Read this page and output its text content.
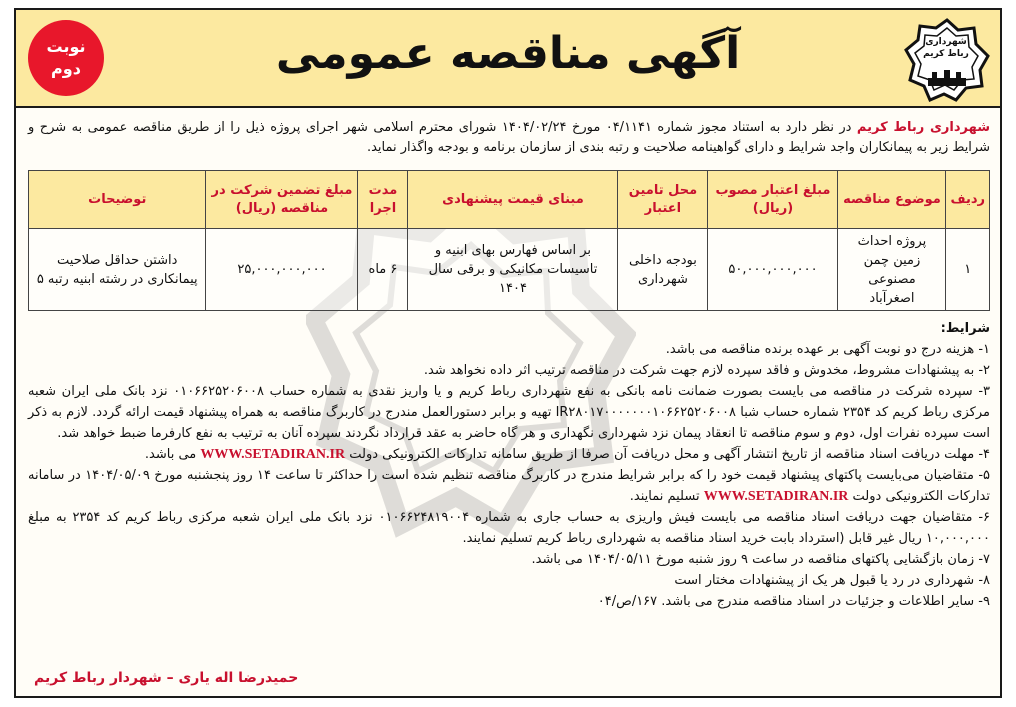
نوبت
دوم	آگهی مناقصه عمومی	شهرداری
رباط کریم
شهرداری رباط کریم در نظر دارد به استناد مجوز شماره ۰۴/۱۱۴۱ مورخ ۱۴۰۴/۰۲/۲۴ شورای محترم اسلامی شهر اجرای پروژه ذیل را از طریق مناقصه عمومی به شرح و شرایط زیر به پیمانکاران واجد شرایط و دارای گواهینامه صلاحیت و رتبه بندی از سازمان برنامه و بودجه واگذار نماید.
ردیف	موضوع مناقصه	مبلغ اعتبار مصوب (ریال)	محل تامین اعتبار	مبنای قیمت پیشنهادی	مدت اجرا	مبلغ تضمین شرکت در مناقصه (ریال)	توضیحات
۱	پروژه احداث زمین چمن مصنوعی اصغرآباد	۵۰,۰۰۰,۰۰۰,۰۰۰	بودجه داخلی شهرداری	بر اساس فهارس بهای ابنیه و تاسیسات مکانیکی و برقی سال ۱۴۰۴	۶ ماه	۲۵,۰۰۰,۰۰۰,۰۰۰	داشتن حداقل صلاحیت پیمانکاری در رشته ابنیه رتبه ۵

شرایط:

۱- هزینه درج دو نوبت آگهی بر عهده برنده مناقصه می باشد.

۲- به پیشنهادات مشروط، مخدوش و فاقد سپرده لازم جهت شرکت در مناقصه ترتیب اثر داده نخواهد شد.

۳- سپرده شرکت در مناقصه می بایست بصورت ضمانت نامه بانکی به نفع شهرداری رباط کریم و یا واریز نقدی به شماره حساب ۰۱۰۶۶۲۵۲۰۶۰۰۸ نزد بانک ملی ایران شعبه مرکزی رباط کریم کد ۲۳۵۴ شماره حساب شبا IR۲۸۰۱۷۰۰۰۰۰۰۰۱۰۶۶۲۵۲۰۶۰۰۸ تهیه و برابر دستورالعمل مندرج در کاربرگ مناقصه به همراه پیشنهاد قیمت ارائه گردد. لازم به ذکر است سپرده نفرات اول، دوم و سوم مناقصه تا انعقاد پیمان نزد شهرداری نگهداری و هر گاه حاضر به عقد قرارداد نگردند سپرده آنان به ترتیب به نفع کارفرما ضبط خواهد شد.

۴- مهلت دریافت اسناد مناقصه از تاریخ انتشار آگهی و محل دریافت آن صرفا از طریق سامانه تدارکات الکترونیکی دولت WWW.SETADIRAN.IR می باشد.

۵- متقاضیان می‌بایست پاکتهای پیشنهاد قیمت خود را که برابر شرایط مندرج در کاربرگ مناقصه تنظیم شده است را حداکثر تا ساعت ۱۴ روز پنجشنبه مورخ ۱۴۰۴/۰۵/۰۹ در سامانه تدارکات الکترونیکی دولت WWW.SETADIRAN.IR تسلیم نمایند.

۶- متقاضیان جهت دریافت اسناد مناقصه می بایست فیش واریزی به حساب جاری به شماره ۰۱۰۶۶۲۴۸۱۹۰۰۴ نزد بانک ملی ایران شعبه مرکزی رباط کریم کد ۲۳۵۴ به مبلغ ۱۰,۰۰۰,۰۰۰ ریال غیر قابل (استرداد بابت خرید اسناد مناقصه به شهرداری رباط کریم تسلیم نمایند.

۷- زمان بازگشایی پاکتهای مناقصه در ساعت ۹ روز شنبه مورخ ۱۴۰۴/۰۵/۱۱ می باشد.

۸- شهرداری در رد یا قبول هر یک از پیشنهادات مختار است

۹- سایر اطلاعات و جزئیات در اسناد مناقصه مندرج می باشد. ۱۶۷/ص/۰۴

حمیدرضا اله یاری – شهردار رباط کریم
